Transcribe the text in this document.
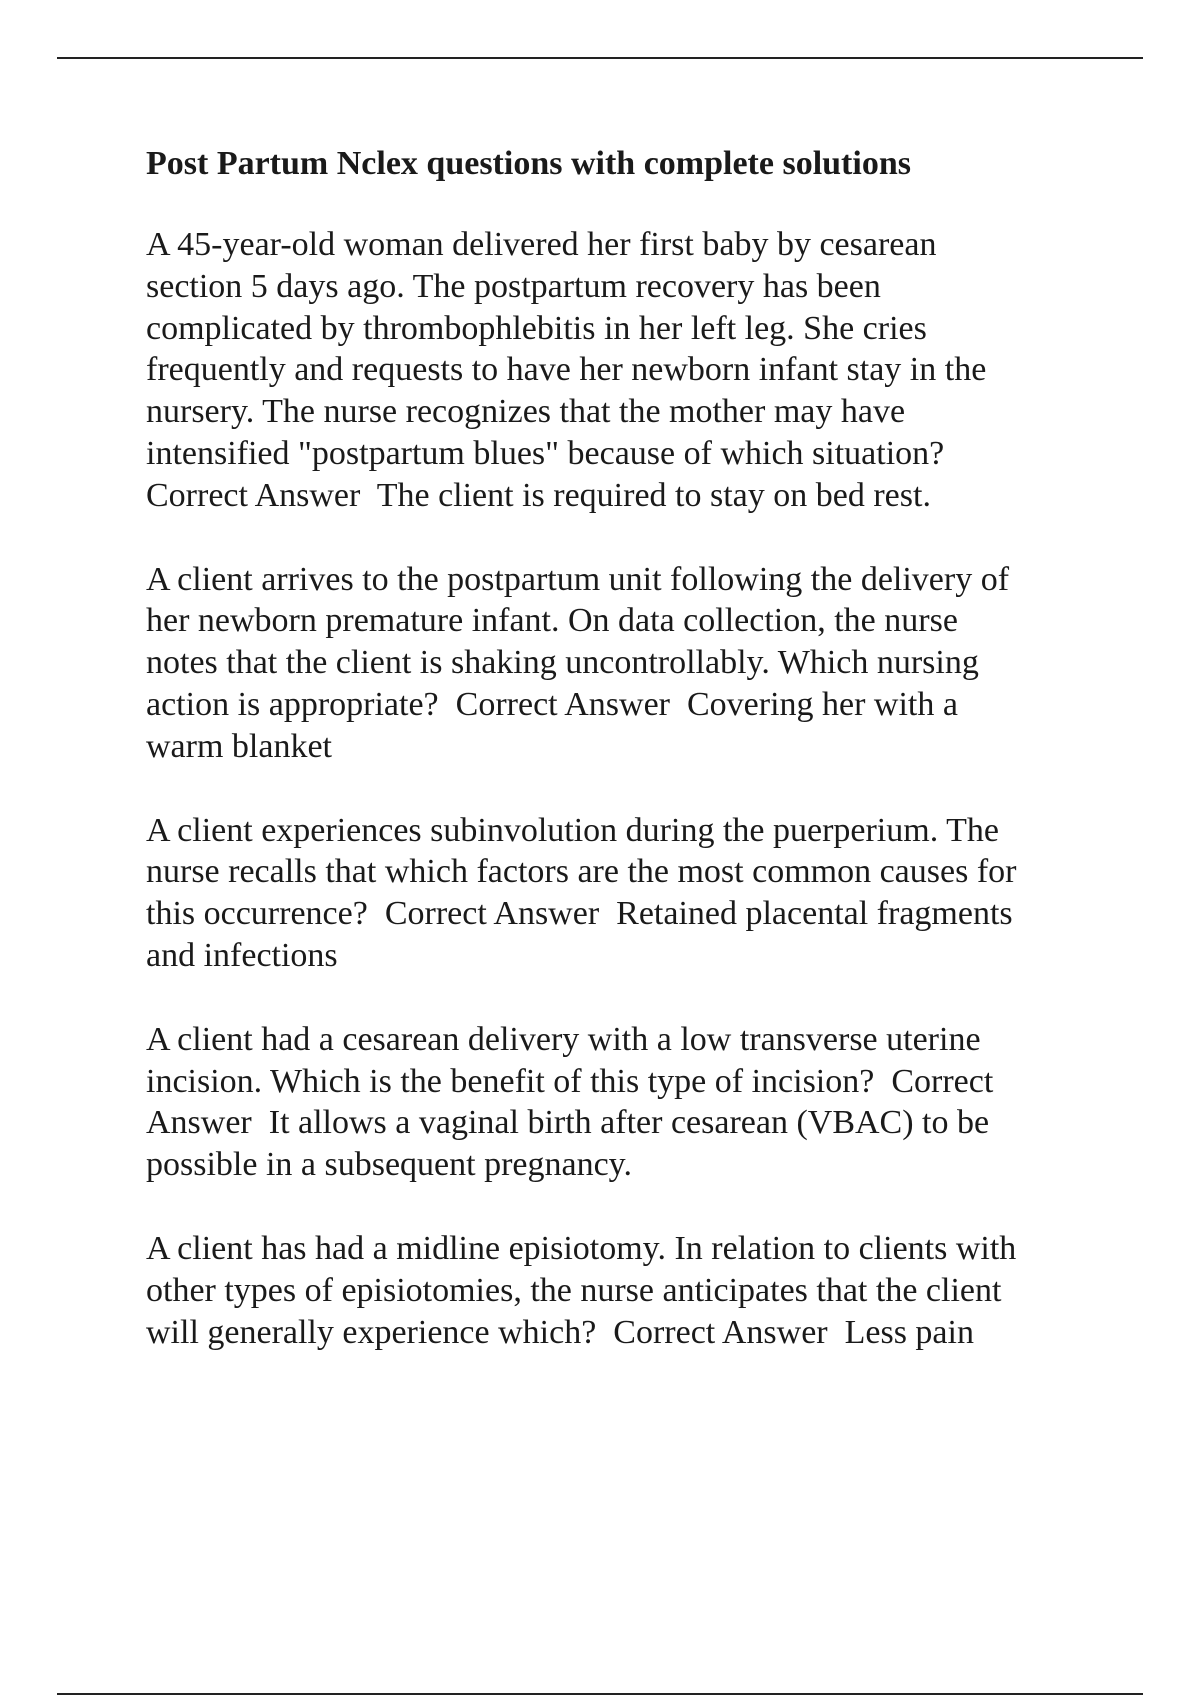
Post Partum Nclex questions with complete solutions
A 45-year-old woman delivered her first baby by cesarean
section 5 days ago. The postpartum recovery has been
complicated by thrombophlebitis in her left leg. She cries
frequently and requests to have her newborn infant stay in the
nursery. The nurse recognizes that the mother may have
intensified "postpartum blues" because of which situation?
Correct Answer  The client is required to stay on bed rest.
A client arrives to the postpartum unit following the delivery of
her newborn premature infant. On data collection, the nurse
notes that the client is shaking uncontrollably. Which nursing
action is appropriate?  Correct Answer  Covering her with a
warm blanket
A client experiences subinvolution during the puerperium. The
nurse recalls that which factors are the most common causes for
this occurrence?  Correct Answer  Retained placental fragments
and infections
A client had a cesarean delivery with a low transverse uterine
incision. Which is the benefit of this type of incision?  Correct
Answer  It allows a vaginal birth after cesarean (VBAC) to be
possible in a subsequent pregnancy.
A client has had a midline episiotomy. In relation to clients with
other types of episiotomies, the nurse anticipates that the client
will generally experience which?  Correct Answer  Less pain
